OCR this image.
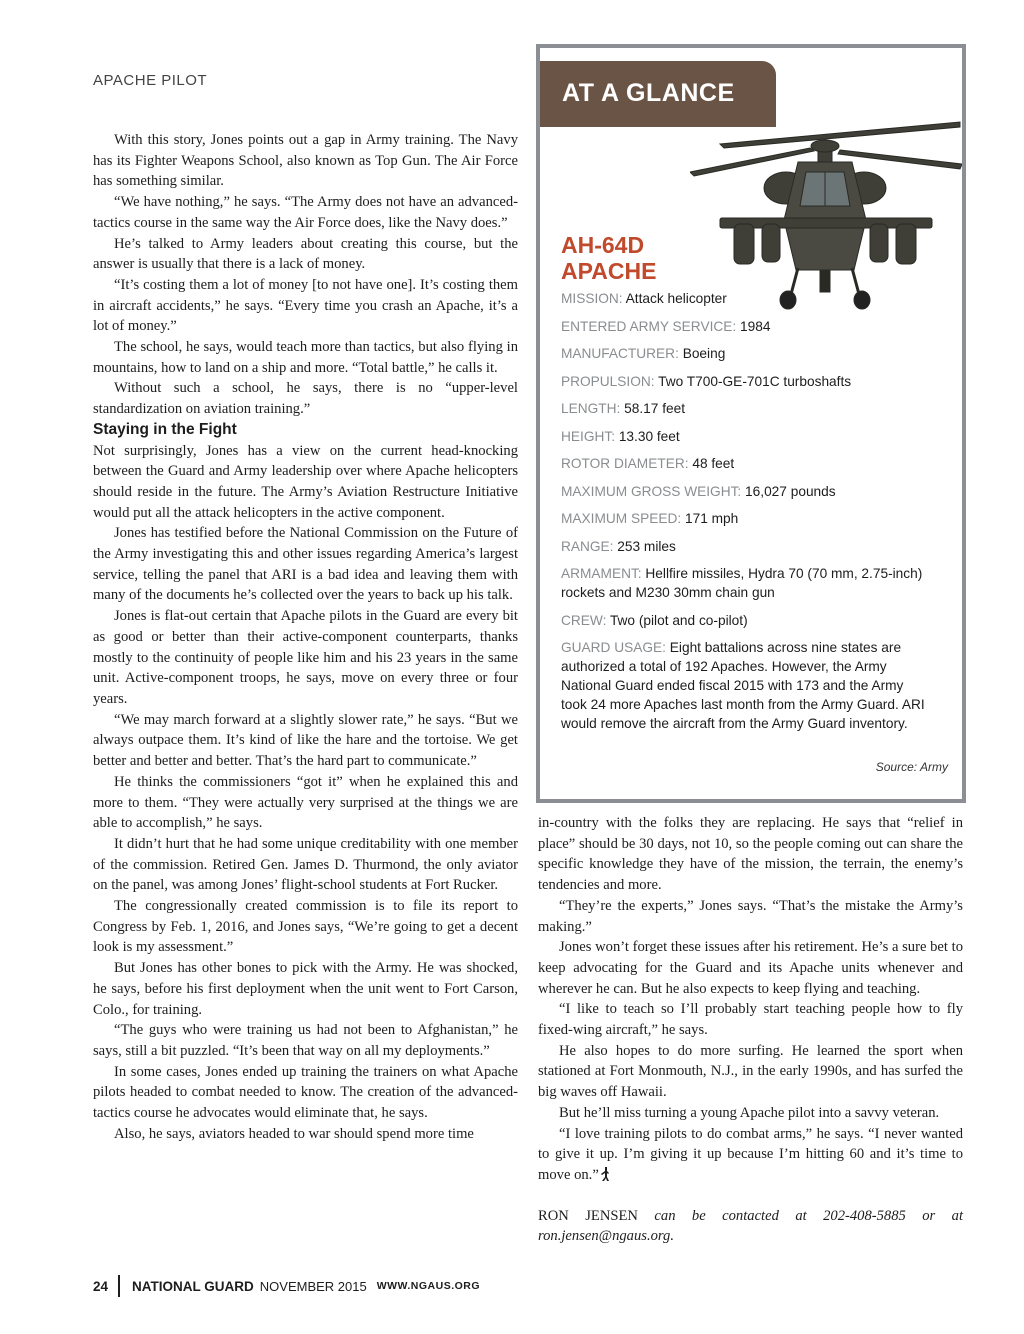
APACHE PILOT

With this story, Jones points out a gap in Army training. The Navy has its Fighter Weapons School, also known as Top Gun. The Air Force has something similar.

“We have nothing,” he says. “The Army does not have an advanced-tactics course in the same way the Air Force does, like the Navy does.”

He’s talked to Army leaders about creating this course, but the answer is usually that there is a lack of money.

“It’s costing them a lot of money [to not have one]. It’s costing them in aircraft accidents,” he says. “Every time you crash an Apache, it’s a lot of money.”

The school, he says, would teach more than tactics, but also flying in mountains, how to land on a ship and more. “Total battle,” he calls it.

Without such a school, he says, there is no “upper-level standardization on aviation training.”

Staying in the Fight

Not surprisingly, Jones has a view on the current head-knocking between the Guard and Army leadership over where Apache helicopters should reside in the future. The Army’s Aviation Restructure Initiative would put all the attack helicopters in the active component.

Jones has testified before the National Commission on the Future of the Army investigating this and other issues regarding America’s largest service, telling the panel that ARI is a bad idea and leaving them with many of the documents he’s collected over the years to back up his talk.

Jones is flat-out certain that Apache pilots in the Guard are every bit as good or better than their active-component counterparts, thanks mostly to the continuity of people like him and his 23 years in the same unit. Active-component troops, he says, move on every three or four years.

“We may march forward at a slightly slower rate,” he says. “But we always outpace them. It’s kind of like the hare and the tortoise. We get better and better and better. That’s the hard part to communicate.”

He thinks the commissioners “got it” when he explained this and more to them. “They were actually very surprised at the things we are able to accomplish,” he says.

It didn’t hurt that he had some unique creditability with one member of the commission. Retired Gen. James D. Thurmond, the only aviator on the panel, was among Jones’ flight-school students at Fort Rucker.

The congressionally created commission is to file its report to Congress by Feb. 1, 2016, and Jones says, “We’re going to get a decent look is my assessment.”

But Jones has other bones to pick with the Army. He was shocked, he says, before his first deployment when the unit went to Fort Carson, Colo., for training.

“The guys who were training us had not been to Afghanistan,” he says, still a bit puzzled. “It’s been that way on all my deployments.”

In some cases, Jones ended up training the trainers on what Apache pilots headed to combat needed to know. The creation of the advanced-tactics course he advocates would eliminate that, he says.

Also, he says, aviators headed to war should spend more time

in-country with the folks they are replacing. He says that “relief in place” should be 30 days, not 10, so the people coming out can share the specific knowledge they have of the mission, the terrain, the enemy’s tendencies and more.

“They’re the experts,” Jones says. “That’s the mistake the Army’s making.”

Jones won’t forget these issues after his retirement. He’s a sure bet to keep advocating for the Guard and its Apache units whenever and wherever he can. But he also expects to keep flying and teaching.

“I like to teach so I’ll probably start teaching people how to fly fixed-wing aircraft,” he says.

He also hopes to do more surfing. He learned the sport when stationed at Fort Monmouth, N.J., in the early 1990s, and has surfed the big waves off Hawaii.

But he’ll miss turning a young Apache pilot into a savvy veteran.

“I love training pilots to do combat arms,” he says. “I never wanted to give it up. I’m giving it up because I’m hitting 60 and it’s time to move on.”

RON JENSEN can be contacted at 202-408-5885 or at ron.jensen@ngaus.org.

AT A GLANCE
AH-64D
APACHE
MISSION: Attack helicopter
ENTERED ARMY SERVICE: 1984
MANUFACTURER: Boeing
PROPULSION: Two T700-GE-701C turboshafts
LENGTH: 58.17 feet
HEIGHT: 13.30 feet
ROTOR DIAMETER: 48 feet
MAXIMUM GROSS WEIGHT: 16,027 pounds
MAXIMUM SPEED: 171 mph
RANGE: 253 miles
ARMAMENT: Hellfire missiles, Hydra 70 (70 mm, 2.75-inch) rockets and M230 30mm chain gun
CREW: Two (pilot and co-pilot)
GUARD USAGE: Eight battalions across nine states are authorized a total of 192 Apaches. However, the Army National Guard ended fiscal 2015 with 173 and the Army took 24 more Apaches last month from the Army Guard. ARI would remove the aircraft from the Army Guard inventory.
Source: Army
24 NATIONAL GUARD NOVEMBER 2015 WWW.NGAUS.ORG
